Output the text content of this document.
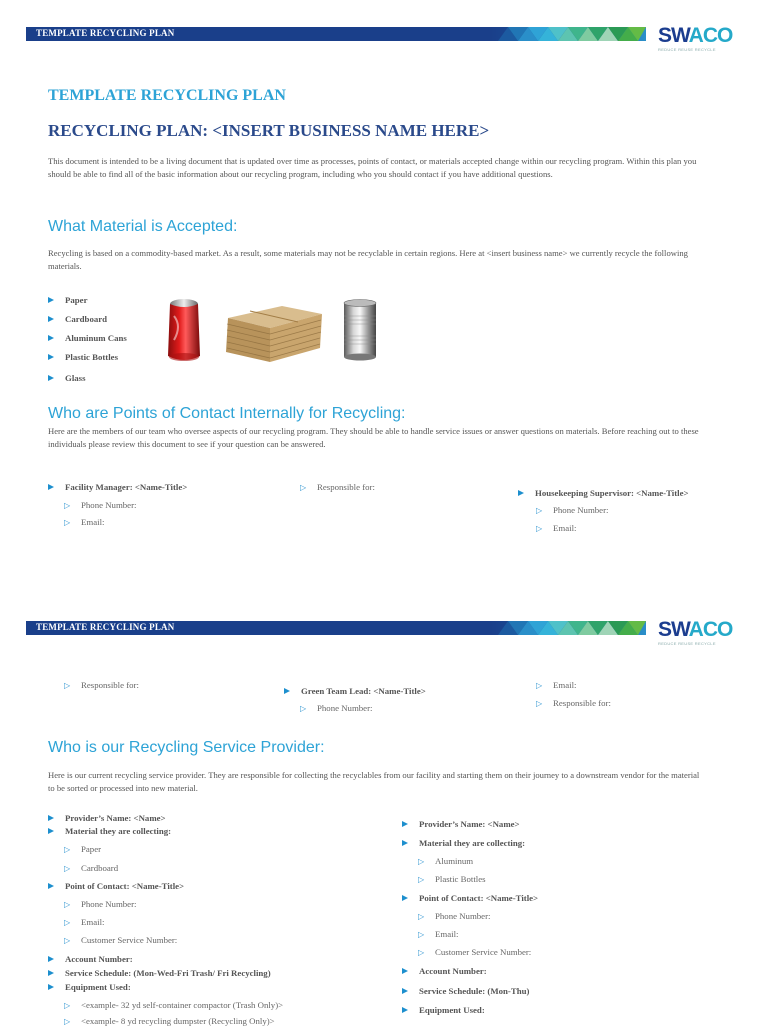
TEMPLATE RECYCLING PLAN	SWACO
REDUCE REUSE RECYCLE
TEMPLATE RECYCLING PLAN
RECYCLING PLAN: <INSERT BUSINESS NAME HERE>
This document is intended to be a living document that is updated over time as processes, points of contact, or materials accepted change within our recycling program. Within this plan you should be able to find all of the basic information about our recycling program, including who you should contact if you have additional questions.
What Material is Accepted:
Recycling is based on a commodity-based market. As a result, some materials may not be recyclable in certain regions. Here at <insert business name> we currently recycle the following materials.
Paper
Cardboard
Aluminum Cans
Plastic Bottles
Glass
Who are Points of Contact Internally for Recycling:
Here are the members of our team who oversee aspects of our recycling program. They should be able to handle service issues or answer questions on materials. Before reaching out to these individuals please review this document to see if your question can be answered.
Facility Manager: <Name-Title>
▷	Phone Number:
▷	Email:
▷	Responsible for:
Housekeeping Supervisor: <Name-Title>
▷	Phone Number:
▷	Email:
TEMPLATE RECYCLING PLAN	SWACO
REDUCE REUSE RECYCLE
▷	Responsible for:
Green Team Lead: <Name-Title>
▷	Phone Number:
▷	Email:
▷	Responsible for:
Who is our Recycling Service Provider:
Here is our current recycling service provider. They are responsible for collecting the recyclables from our facility and starting them on their journey to a downstream vendor for the material to be sorted or processed into new material.
Provider’s Name: <Name>
Material they are collecting:
▷	Paper
▷	Cardboard
Point of Contact: <Name-Title>
▷	Phone Number:
▷	Email:
▷	Customer Service Number:
Account Number:
Service Schedule: (Mon-Wed-Fri Trash/ Fri Recycling)
Equipment Used:
▷	<example- 32 yd self-container compactor (Trash Only)>
▷	<example- 8 yd recycling dumpster (Recycling Only)>
Provider’s Name: <Name>
Material they are collecting:
▷	Aluminum
▷	Plastic Bottles
Point of Contact: <Name-Title>
▷	Phone Number:
▷	Email:
▷	Customer Service Number:
Account Number:
Service Schedule: (Mon-Thu)
Equipment Used:
